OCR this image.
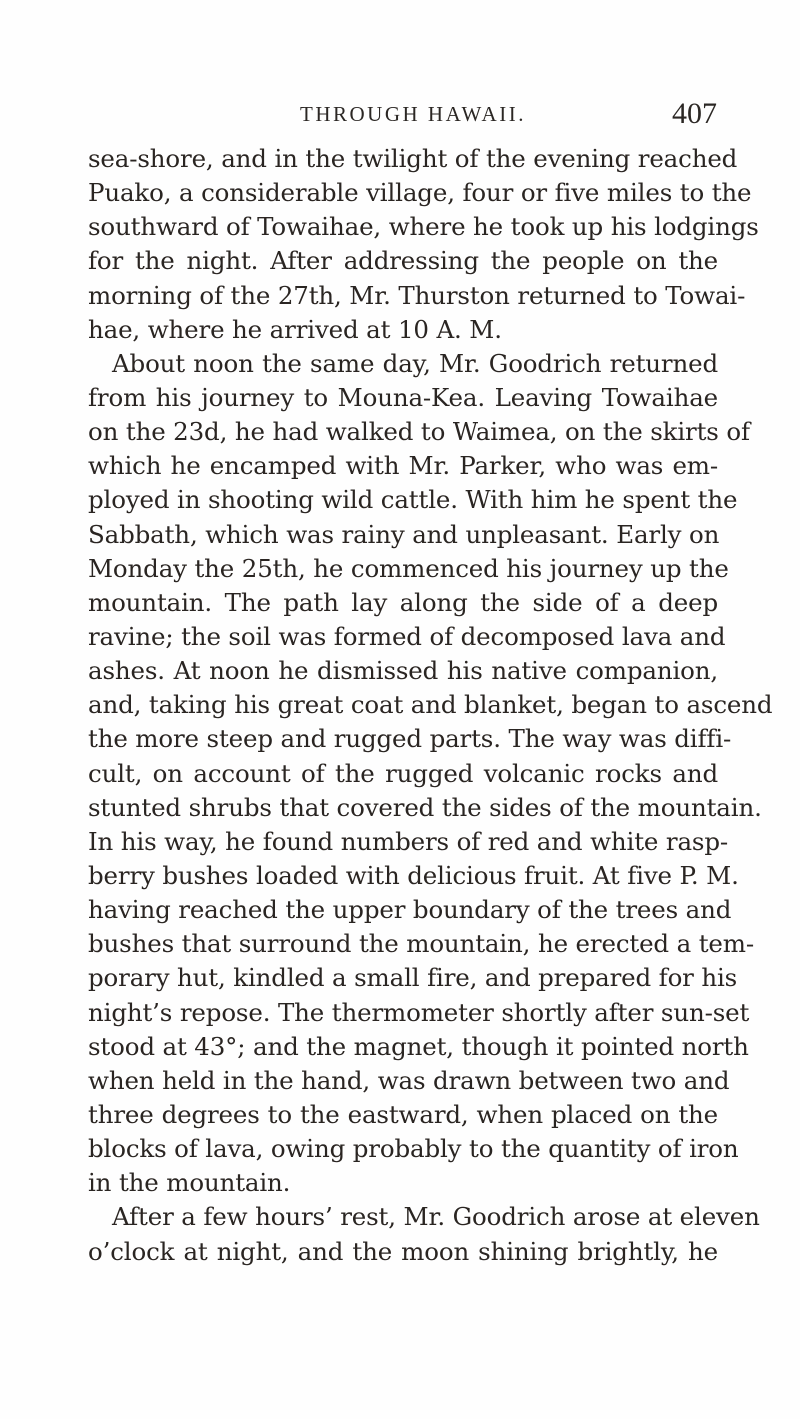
THROUGH HAWAII.	407
sea-shore, and in the twilight of the evening reached
Puako, a considerable village, four or five miles to the
southward of Towaihae, where he took up his lodgings
for the night. After addressing the people on the
morning of the 27th, Mr. Thurston returned to Towai-
hae, where he arrived at 10 A. M.
About noon the same day, Mr. Goodrich returned
from his journey to Mouna-Kea. Leaving Towaihae
on the 23d, he had walked to Waimea, on the skirts of
which he encamped with Mr. Parker, who was em-
ployed in shooting wild cattle. With him he spent the
Sabbath, which was rainy and unpleasant. Early on
Monday the 25th, he commenced his journey up the
mountain. The path lay along the side of a deep
ravine; the soil was formed of decomposed lava and
ashes. At noon he dismissed his native companion,
and, taking his great coat and blanket, began to ascend
the more steep and rugged parts. The way was diffi-
cult, on account of the rugged volcanic rocks and
stunted shrubs that covered the sides of the mountain.
In his way, he found numbers of red and white rasp-
berry bushes loaded with delicious fruit. At five P. M.
having reached the upper boundary of the trees and
bushes that surround the mountain, he erected a tem-
porary hut, kindled a small fire, and prepared for his
night’s repose. The thermometer shortly after sun-set
stood at 43°; and the magnet, though it pointed north
when held in the hand, was drawn between two and
three degrees to the eastward, when placed on the
blocks of lava, owing probably to the quantity of iron
in the mountain.
After a few hours’ rest, Mr. Goodrich arose at eleven
o’clock at night, and the moon shining brightly, he
